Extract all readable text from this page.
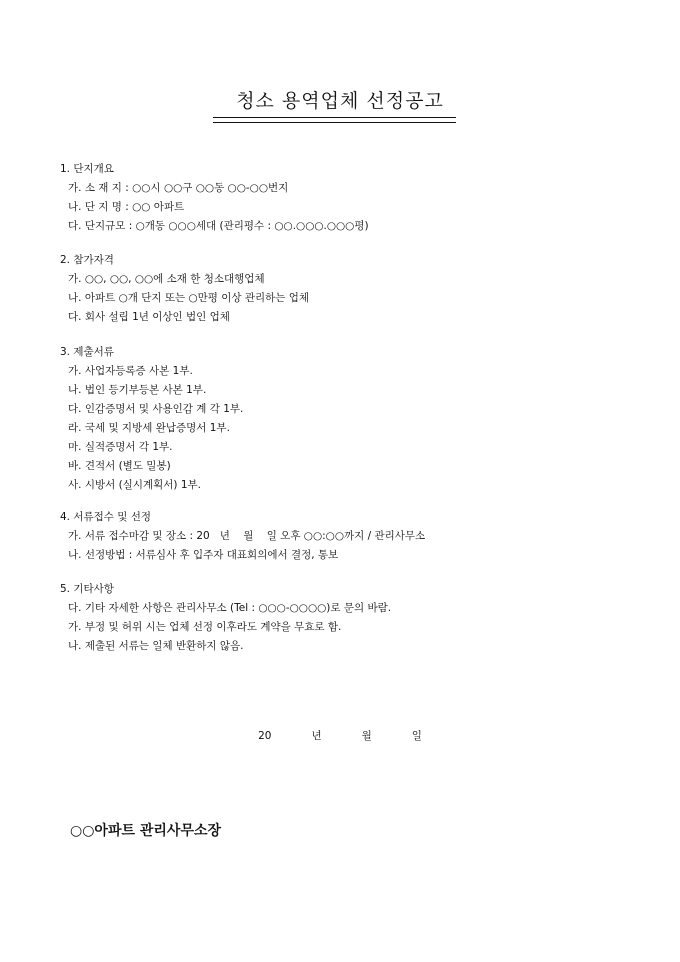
청소 용역업체 선정공고
1. 단지개요
가. 소 재 지 : ○○시 ○○구 ○○동 ○○-○○번지
나. 단 지 명 : ○○ 아파트
다. 단지규모 : ○개동 ○○○세대 (관리평수 : ○○.○○○.○○○평)
2. 참가자격
가. ○○, ○○, ○○에 소재 한 청소대행업체
나. 아파트 ○개 단지 또는 ○만평 이상 관리하는 업체
다. 회사 설립 1년 이상인 법인 업체
3. 제출서류
가. 사업자등록증 사본 1부.
나. 법인 등기부등본 사본 1부.
다. 인감증명서 및 사용인감 계 각 1부.
라. 국세 및 지방세 완납증명서 1부.
마. 실적증명서 각 1부.
바. 견적서 (별도 밀봉)
사. 시방서 (실시계획서) 1부.
4. 서류접수 및 선정
가. 서류 접수마감 및 장소 : 20   년    월    일 오후 ○○:○○까지 / 관리사무소
나. 선정방법 : 서류심사 후 입주자 대표회의에서 결정, 통보
5. 기타사항
다. 기타 자세한 사항은 관리사무소 (Tel : ○○○-○○○○)로 문의 바람.
가. 부정 및 허위 시는 업체 선정 이후라도 계약을 무효로 함.
나. 제출된 서류는 일체 반환하지 않음.
20   년   월   일
○○아파트 관리사무소장
